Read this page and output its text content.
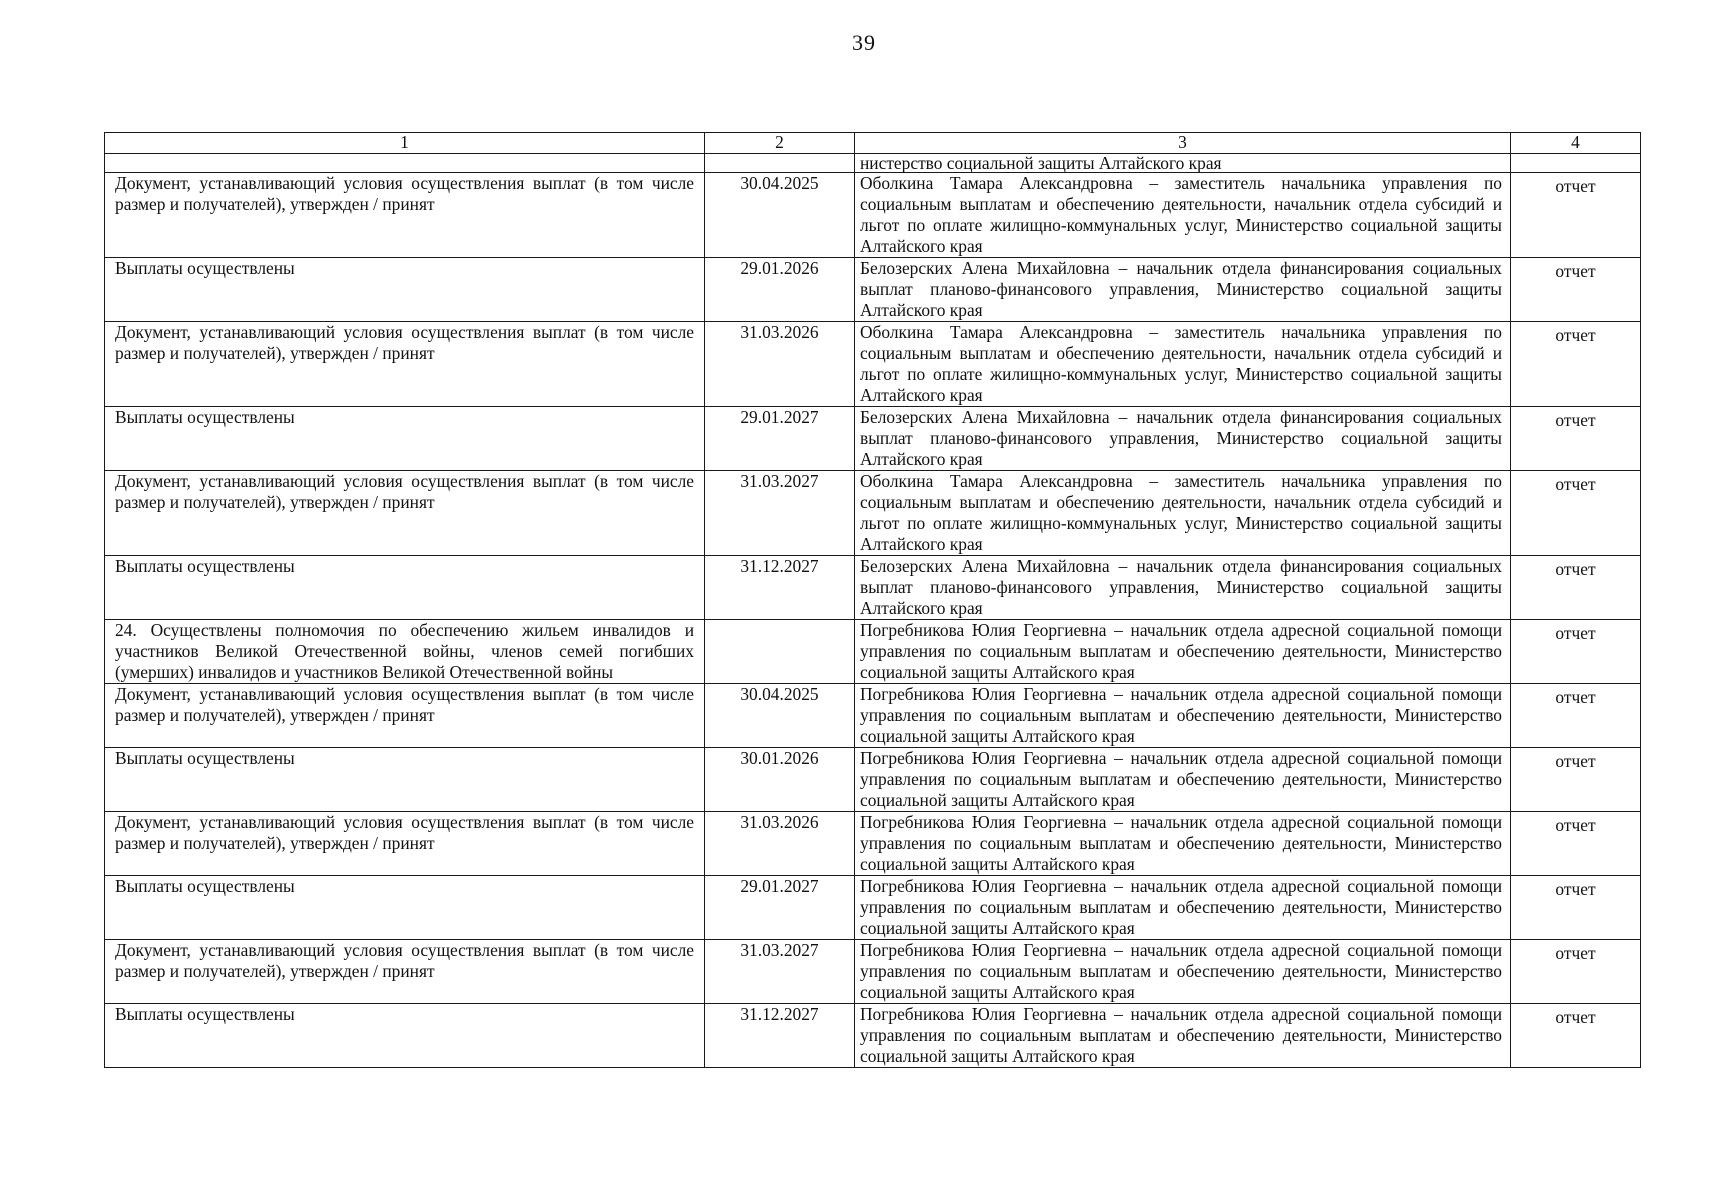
39
1	2	3	4
		нистерство социальной защиты Алтайского края	
Документ, устанавливающий условия осуществления выплат (в том числе размер и получателей), утвержден / принят	30.04.2025	Оболкина Тамара Александровна – заместитель начальника управления по социальным выплатам и обеспечению деятельности, начальник отдела субсидий и льгот по оплате жилищно-коммунальных услуг, Министерство социальной защиты Алтайского края	отчет
Выплаты осуществлены	29.01.2026	Белозерских Алена Михайловна – начальник отдела финансирования социальных выплат планово-финансового управления, Министерство социальной защиты Алтайского края	отчет
Документ, устанавливающий условия осуществления выплат (в том числе размер и получателей), утвержден / принят	31.03.2026	Оболкина Тамара Александровна – заместитель начальника управления по социальным выплатам и обеспечению деятельности, начальник отдела субсидий и льгот по оплате жилищно-коммунальных услуг, Министерство социальной защиты Алтайского края	отчет
Выплаты осуществлены	29.01.2027	Белозерских Алена Михайловна – начальник отдела финансирования социальных выплат планово-финансового управления, Министерство социальной защиты Алтайского края	отчет
Документ, устанавливающий условия осуществления выплат (в том числе размер и получателей), утвержден / принят	31.03.2027	Оболкина Тамара Александровна – заместитель начальника управления по социальным выплатам и обеспечению деятельности, начальник отдела субсидий и льгот по оплате жилищно-коммунальных услуг, Министерство социальной защиты Алтайского края	отчет
Выплаты осуществлены	31.12.2027	Белозерских Алена Михайловна – начальник отдела финансирования социальных выплат планово-финансового управления, Министерство социальной защиты Алтайского края	отчет
24. Осуществлены полномочия по обеспечению жильем инвалидов и участников Великой Отечественной войны, членов семей погибших (умерших) инвалидов и участников Великой Отечественной войны		Погребникова Юлия Георгиевна – начальник отдела адресной социальной помощи управления по социальным выплатам и обеспечению деятельности, Министерство социальной защиты Алтайского края	отчет
Документ, устанавливающий условия осуществления выплат (в том числе размер и получателей), утвержден / принят	30.04.2025	Погребникова Юлия Георгиевна – начальник отдела адресной социальной помощи управления по социальным выплатам и обеспечению деятельности, Министерство социальной защиты Алтайского края	отчет
Выплаты осуществлены	30.01.2026	Погребникова Юлия Георгиевна – начальник отдела адресной социальной помощи управления по социальным выплатам и обеспечению деятельности, Министерство социальной защиты Алтайского края	отчет
Документ, устанавливающий условия осуществления выплат (в том числе размер и получателей), утвержден / принят	31.03.2026	Погребникова Юлия Георгиевна – начальник отдела адресной социальной помощи управления по социальным выплатам и обеспечению деятельности, Министерство социальной защиты Алтайского края	отчет
Выплаты осуществлены	29.01.2027	Погребникова Юлия Георгиевна – начальник отдела адресной социальной помощи управления по социальным выплатам и обеспечению деятельности, Министерство социальной защиты Алтайского края	отчет
Документ, устанавливающий условия осуществления выплат (в том числе размер и получателей), утвержден / принят	31.03.2027	Погребникова Юлия Георгиевна – начальник отдела адресной социальной помощи управления по социальным выплатам и обеспечению деятельности, Министерство социальной защиты Алтайского края	отчет
Выплаты осуществлены	31.12.2027	Погребникова Юлия Георгиевна – начальник отдела адресной социальной помощи управления по социальным выплатам и обеспечению деятельности, Министерство социальной защиты Алтайского края	отчет
